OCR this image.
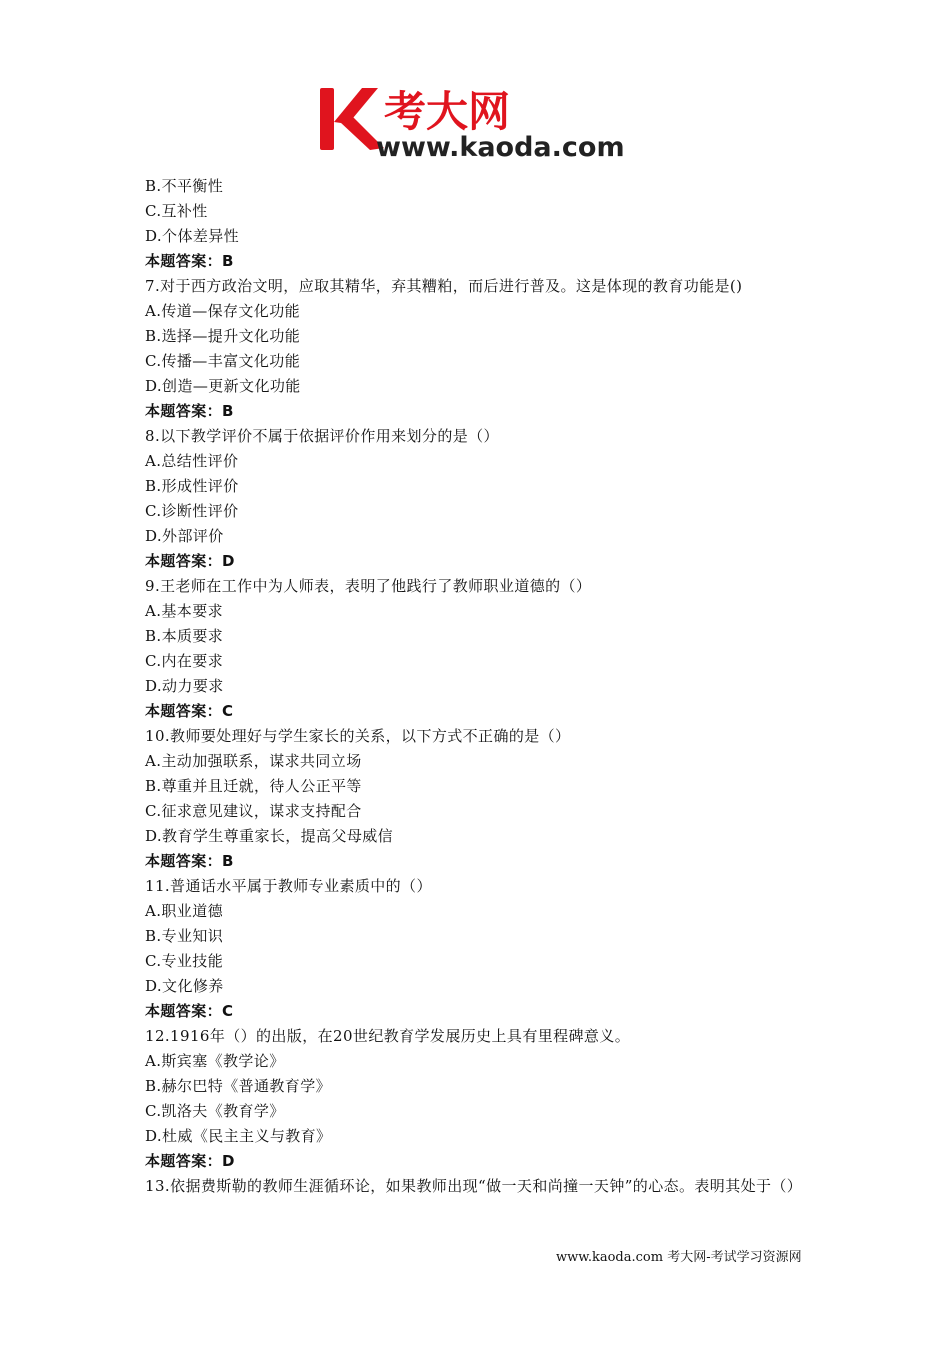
考大网
www.kaoda.com
B.不平衡性
C.互补性
D.个体差异性
本题答案：B
7.对于西方政治文明，应取其精华，弃其糟粕，而后进行普及。这是体现的教育功能是()
A.传道—保存文化功能
B.选择—提升文化功能
C.传播—丰富文化功能
D.创造—更新文化功能
本题答案：B
8.以下教学评价不属于依据评价作用来划分的是（）
A.总结性评价
B.形成性评价
C.诊断性评价
D.外部评价
本题答案：D
9.王老师在工作中为人师表，表明了他践行了教师职业道德的（）
A.基本要求
B.本质要求
C.内在要求
D.动力要求
本题答案：C
10.教师要处理好与学生家长的关系，以下方式不正确的是（）
A.主动加强联系，谋求共同立场
B.尊重并且迁就，待人公正平等
C.征求意见建议，谋求支持配合
D.教育学生尊重家长，提高父母威信
本题答案：B
11.普通话水平属于教师专业素质中的（）
A.职业道德
B.专业知识
C.专业技能
D.文化修养
本题答案：C
12.1916年（）的出版，在20世纪教育学发展历史上具有里程碑意义。
A.斯宾塞《教学论》
B.赫尔巴特《普通教育学》
C.凯洛夫《教育学》
D.杜威《民主主义与教育》
本题答案：D
13.依据费斯勒的教师生涯循环论，如果教师出现“做一天和尚撞一天钟”的心态。表明其处于（）
www.kaoda.com 考大网-考试学习资源网
